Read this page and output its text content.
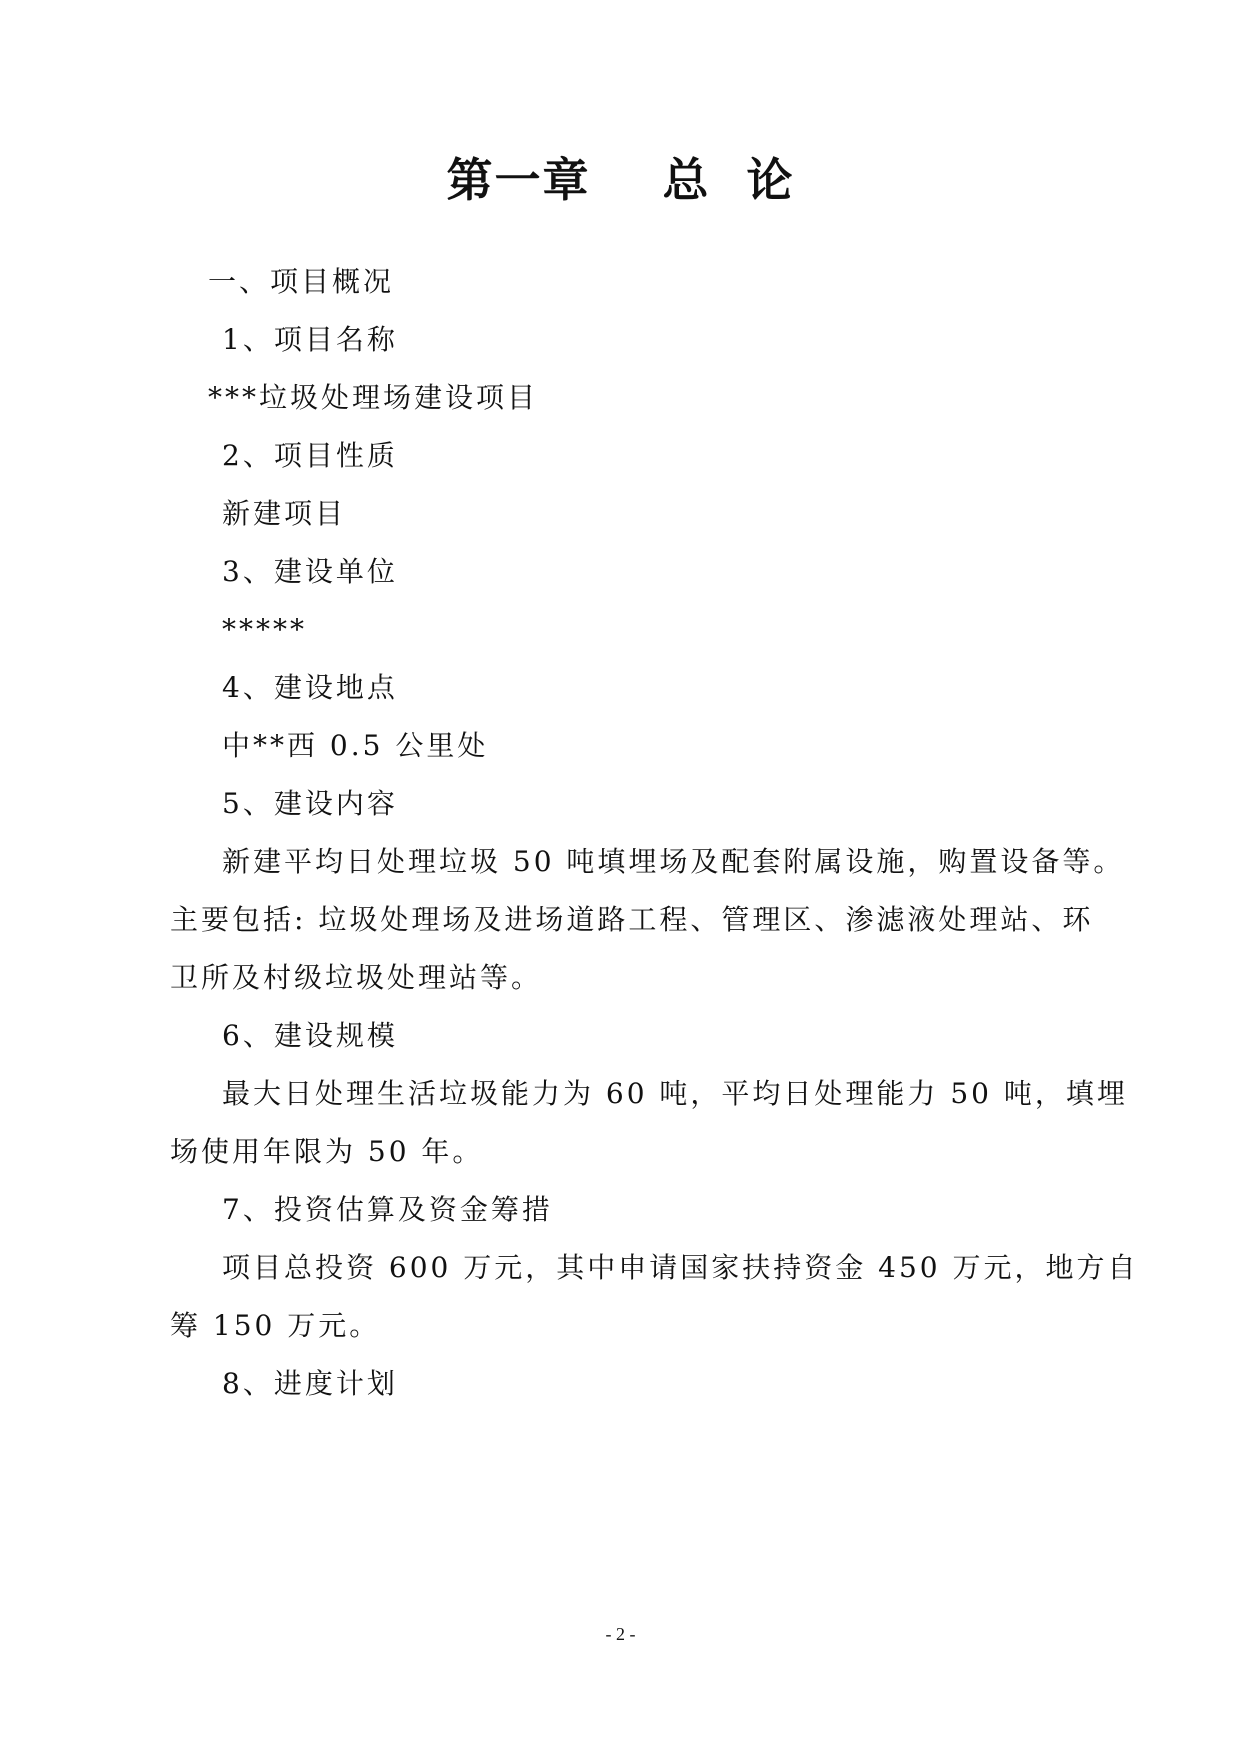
第一章    总  论
一、项目概况
1、项目名称
***垃圾处理场建设项目
2、项目性质
新建项目
3、建设单位
*****
4、建设地点
中**西 0.5 公里处
5、建设内容
新建平均日处理垃圾 50 吨填埋场及配套附属设施，购置设备等。
主要包括: 垃圾处理场及进场道路工程、管理区、渗滤液处理站、环
卫所及村级垃圾处理站等。
6、建设规模
最大日处理生活垃圾能力为 60 吨，平均日处理能力 50 吨，填埋
场使用年限为 50 年。
7、投资估算及资金筹措
项目总投资 600 万元，其中申请国家扶持资金 450 万元，地方自
筹 150 万元。
8、进度计划
- 2 -
